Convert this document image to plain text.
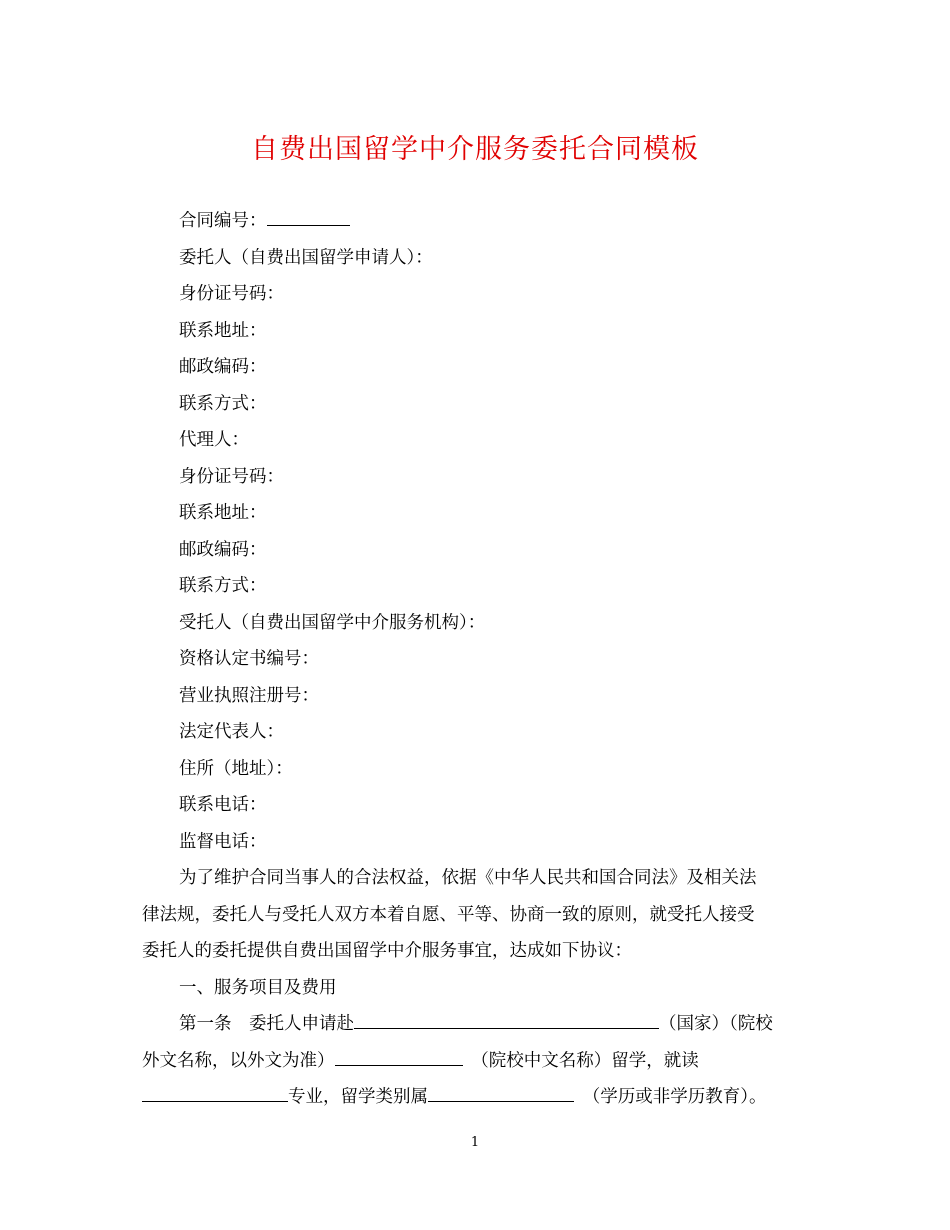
自费出国留学中介服务委托合同模板
合同编号：
委托人（自费出国留学申请人）：
身份证号码：
联系地址：
邮政编码：
联系方式：
代理人：
身份证号码：
联系地址：
邮政编码：
联系方式：
受托人（自费出国留学中介服务机构）：
资格认定书编号：
营业执照注册号：
法定代表人：
住所（地址）：
联系电话：
监督电话：
为了维护合同当事人的合法权益，依据《中华人民共和国合同法》及相关法
律法规，委托人与受托人双方本着自愿、平等、协商一致的原则，就受托人接受
委托人的委托提供自费出国留学中介服务事宜，达成如下协议：
一、服务项目及费用
第一条　委托人申请赴	（国家）（院校
外文名称，以外文为准）	　（院校中文名称）留学，就读
专业，留学类别属	　（学历或非学历教育）。
1
